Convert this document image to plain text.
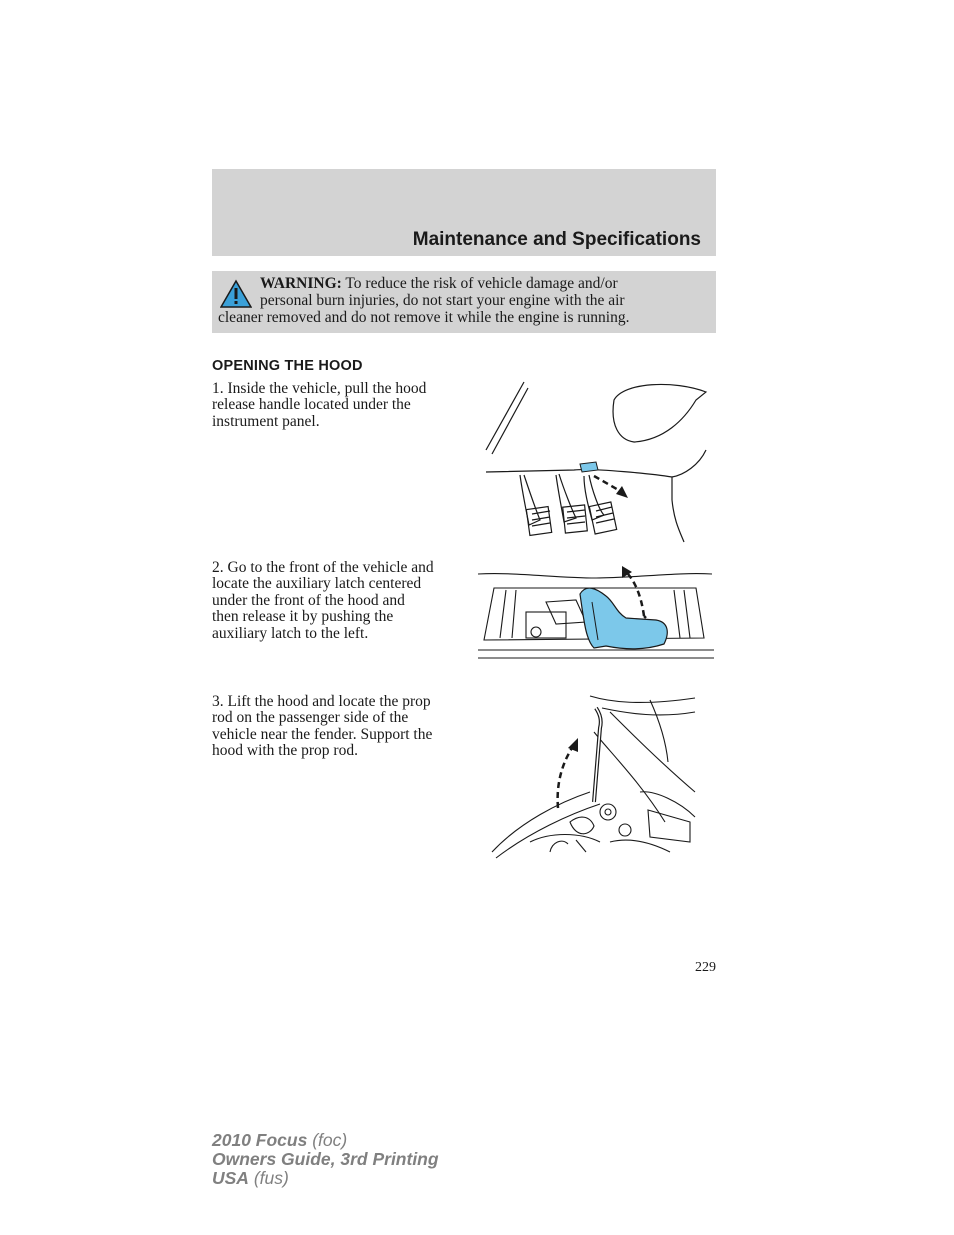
Maintenance and Specifications
WARNING: To reduce the risk of vehicle damage and/or
personal burn injuries, do not start your engine with the air
cleaner removed and do not remove it while the engine is running.
OPENING THE HOOD
1. Inside the vehicle, pull the hood
release handle located under the
instrument panel.
2. Go to the front of the vehicle and
locate the auxiliary latch centered
under the front of the hood and
then release it by pushing the
auxiliary latch to the left.
3. Lift the hood and locate the prop
rod on the passenger side of the
vehicle near the fender. Support the
hood with the prop rod.
229
2010 Focus (foc)
Owners Guide, 3rd Printing
USA (fus)
